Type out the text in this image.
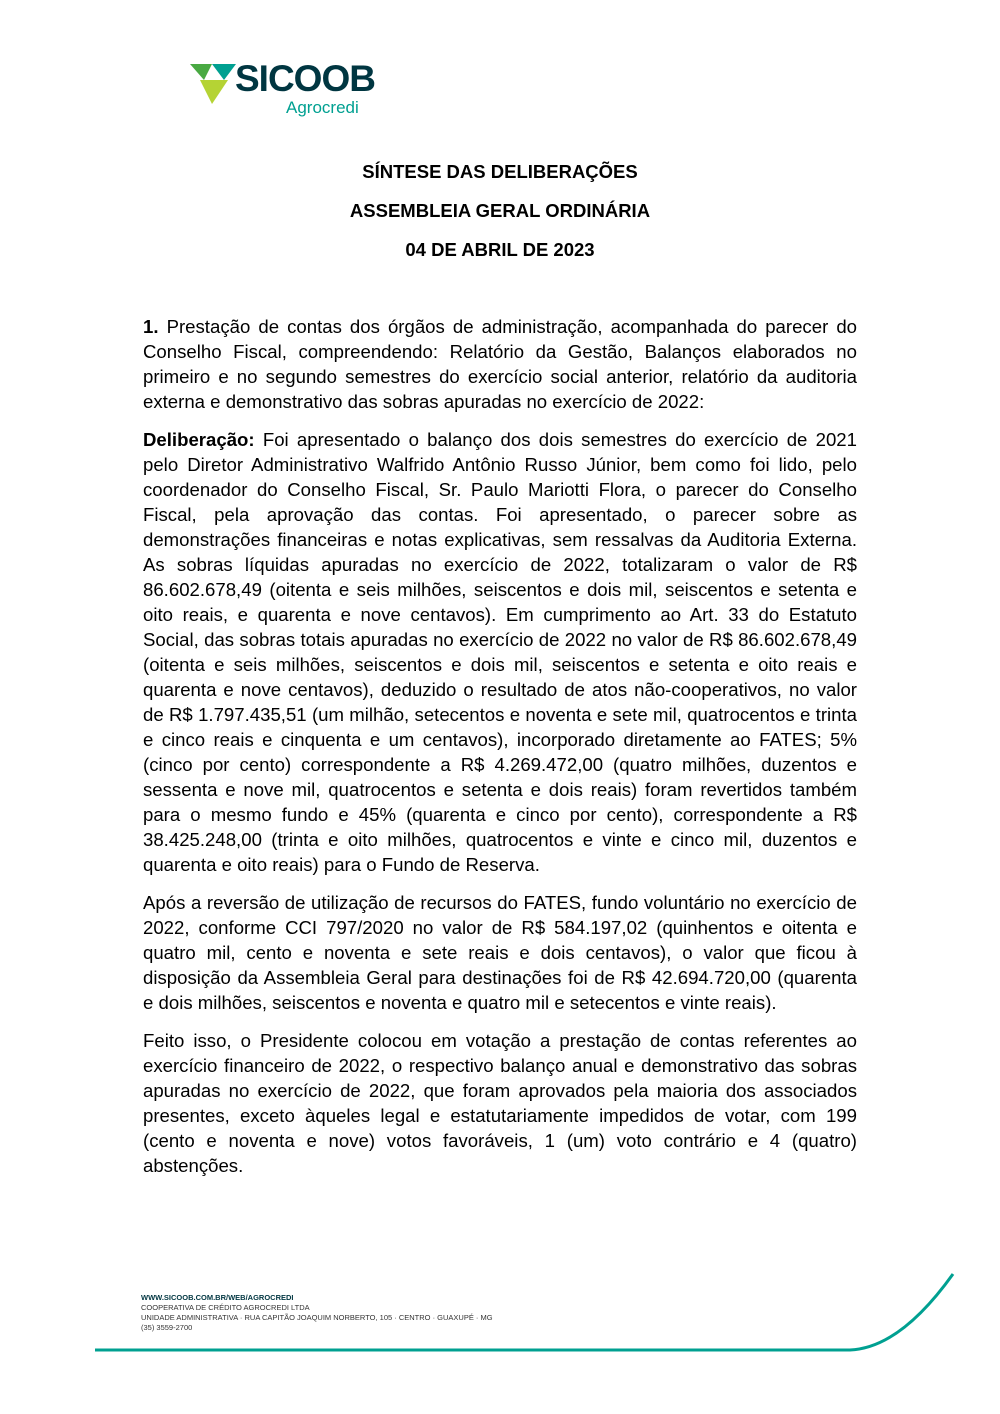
SICOOB
Agrocredi
SÍNTESE DAS DELIBERAÇÕES
ASSEMBLEIA GERAL ORDINÁRIA
04 DE ABRIL DE 2023

1. Prestação de contas dos órgãos de administração, acompanhada do parecer do Conselho Fiscal, compreendendo: Relatório da Gestão, Balanços elaborados no primeiro e no segundo semestres do exercício social anterior, relatório da auditoria externa e demonstrativo das sobras apuradas no exercício de 2022:

Deliberação: Foi apresentado o balanço dos dois semestres do exercício de 2021 pelo Diretor Administrativo Walfrido Antônio Russo Júnior, bem como foi lido, pelo coordenador do Conselho Fiscal, Sr. Paulo Mariotti Flora, o parecer do Conselho Fiscal, pela aprovação das contas. Foi apresentado, o parecer sobre as demonstrações financeiras e notas explicativas, sem ressalvas da Auditoria Externa. As sobras líquidas apuradas no exercício de 2022, totalizaram o valor de R$ 86.602.678,49 (oitenta e seis milhões, seiscentos e dois mil, seiscentos e setenta e oito reais, e quarenta e nove centavos). Em cumprimento ao Art. 33 do Estatuto Social, das sobras totais apuradas no exercício de 2022 no valor de R$ 86.602.678,49 (oitenta e seis milhões, seiscentos e dois mil, seiscentos e setenta e oito reais e quarenta e nove centavos), deduzido o resultado de atos não-cooperativos, no valor de R$ 1.797.435,51 (um milhão, setecentos e noventa e sete mil, quatrocentos e trinta e cinco reais e cinquenta e um centavos), incorporado diretamente ao FATES; 5% (cinco por cento) correspondente a R$ 4.269.472,00 (quatro milhões, duzentos e sessenta e nove mil, quatrocentos e setenta e dois reais) foram revertidos também para o mesmo fundo e 45% (quarenta e cinco por cento), correspondente a R$ 38.425.248,00 (trinta e oito milhões, quatrocentos e vinte e cinco mil, duzentos e quarenta e oito reais) para o Fundo de Reserva.

Após a reversão de utilização de recursos do FATES, fundo voluntário no exercício de 2022, conforme CCI 797/2020 no valor de R$ 584.197,02 (quinhentos e oitenta e quatro mil, cento e noventa e sete reais e dois centavos), o valor que ficou à disposição da Assembleia Geral para destinações foi de R$ 42.694.720,00 (quarenta e dois milhões, seiscentos e noventa e quatro mil e setecentos e vinte reais).

Feito isso, o Presidente colocou em votação a prestação de contas referentes ao exercício financeiro de 2022, o respectivo balanço anual e demonstrativo das sobras apuradas no exercício de 2022, que foram aprovados pela maioria dos associados presentes, exceto àqueles legal e estatutariamente impedidos de votar, com 199 (cento e noventa e nove) votos favoráveis, 1 (um) voto contrário e 4 (quatro) abstenções.

WWW.SICOOB.COM.BR/WEB/AGROCREDI
COOPERATIVA DE CRÉDITO AGROCREDI LTDA
UNIDADE ADMINISTRATIVA · RUA CAPITÃO JOAQUIM NORBERTO, 105 · CENTRO · GUAXUPÉ · MG
(35) 3559-2700
